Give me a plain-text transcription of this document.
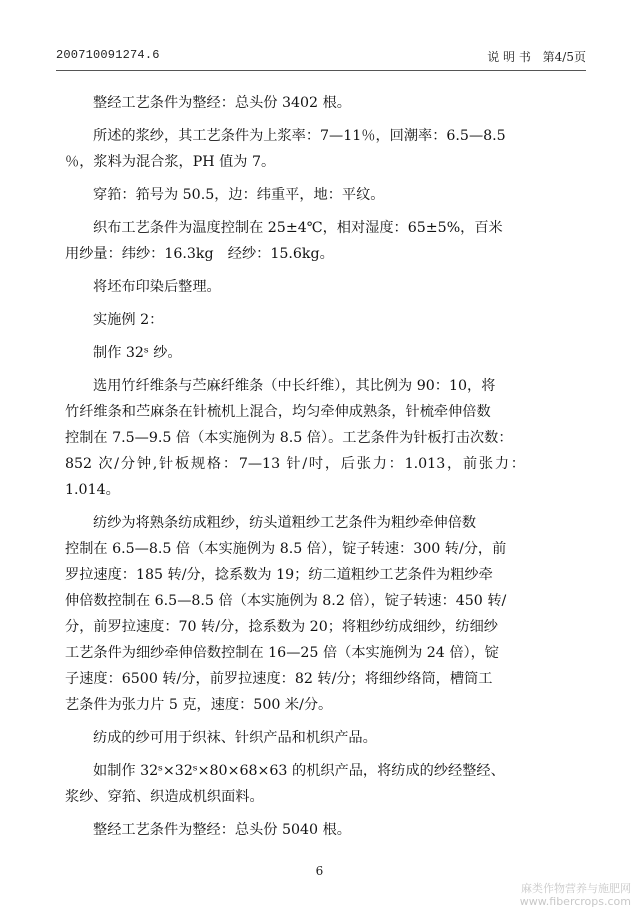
200710091274.6	说 明 书 第4/5页
整经工艺条件为整经：总头份 3402 根。
所述的浆纱，其工艺条件为上浆率：7—11％，回潮率：6.5—8.5
％，浆料为混合浆，PH 值为 7。
穿筘：筘号为 50.5，边：纬重平，地：平纹。
织布工艺条件为温度控制在 25±4℃，相对湿度：65±5%，百米
用纱量：纬纱：16.3kg　经纱：15.6kg。
将坯布印染后整理。
实施例 2：
制作 32ˢ 纱。
选用竹纤维条与苎麻纤维条（中长纤维），其比例为 90：10，将
竹纤维条和苎麻条在针梳机上混合，均匀牵伸成熟条，针梳牵伸倍数
控制在 7.5—9.5 倍（本实施例为 8.5 倍）。工艺条件为针板打击次数：
852 次/分钟,针板规格：7—13 针/吋，后张力：1.013，前张力：1.014。
纺纱为将熟条纺成粗纱，纺头道粗纱工艺条件为粗纱牵伸倍数
控制在 6.5—8.5 倍（本实施例为 8.5 倍），锭子转速：300 转/分，前
罗拉速度：185 转/分，捻系数为 19；纺二道粗纱工艺条件为粗纱牵
伸倍数控制在 6.5—8.5 倍（本实施例为 8.2 倍），锭子转速：450 转/
分，前罗拉速度：70 转/分，捻系数为 20；将粗纱纺成细纱，纺细纱
工艺条件为细纱牵伸倍数控制在 16—25 倍（本实施例为 24 倍），锭
子速度：6500 转/分，前罗拉速度：82 转/分；将细纱络筒，槽筒工
艺条件为张力片 5 克，速度：500 米/分。
纺成的纱可用于织袜、针织产品和机织产品。
如制作 32ˢ×32ˢ×80×68×63 的机织产品，将纺成的纱经整经、
浆纱、穿筘、织造成机织面料。
整经工艺条件为整经：总头份 5040 根。
6
麻类作物营养与施肥网
www.fibercrops.com
